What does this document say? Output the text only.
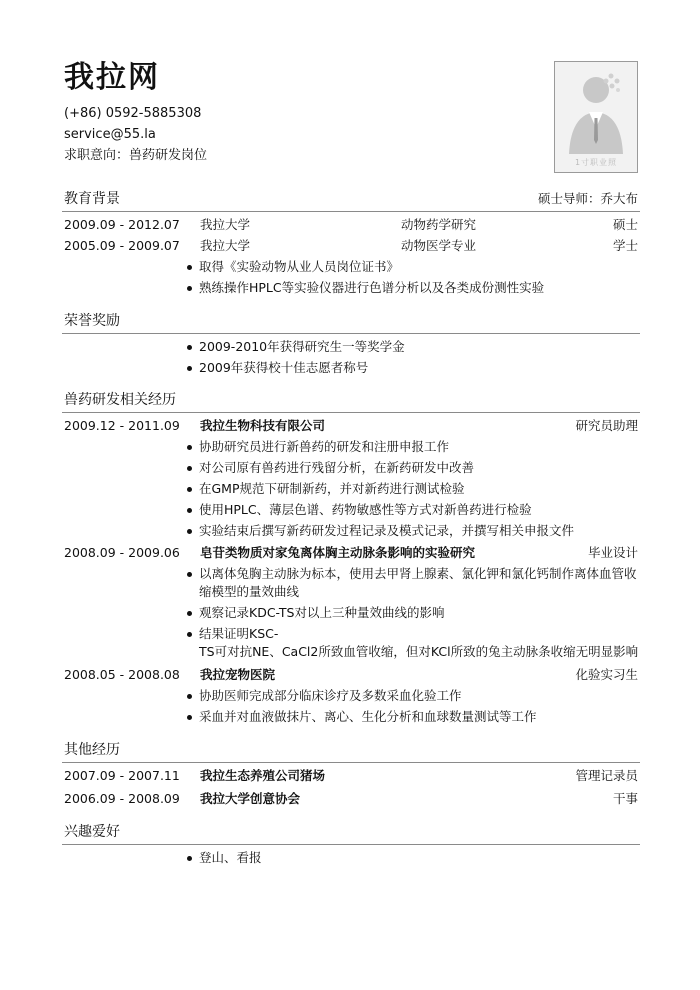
我拉网
(+86) 0592-5885308
service@55.la
求职意向：兽药研发岗位	1寸职业照
教育背景	硕士导师：乔大布
2009.09 - 2012.07 我拉大学	动物药学研究	硕士
2005.09 - 2009.07 我拉大学	动物医学专业	学士
取得《实验动物从业人员岗位证书》
熟练操作HPLC等实验仪器进行色谱分析以及各类成份测性实验
荣誉奖励
2009-2010年获得研究生一等奖学金
2009年获得校十佳志愿者称号
兽药研发相关经历
2009.12 - 2011.09 我拉生物科技有限公司	研究员助理
协助研究员进行新兽药的研发和注册申报工作
对公司原有兽药进行残留分析，在新药研发中改善
在GMP规范下研制新药，并对新药进行测试检验
使用HPLC、薄层色谱、药物敏感性等方式对新兽药进行检验
实验结束后撰写新药研发过程记录及模式记录，并撰写相关申报文件
2008.09 - 2009.06 皂苷类物质对家兔离体胸主动脉条影响的实验研究	毕业设计
以离体兔胸主动脉为标本，使用去甲肾上腺素、氯化钾和氯化钙制作离体血管收
缩模型的量效曲线
观察记录KDC-TS对以上三种量效曲线的影响
结果证明KSC-
TS可对抗NE、CaCl2所致血管收缩，但对KCl所致的兔主动脉条收缩无明显影响
2008.05 - 2008.08 我拉宠物医院	化验实习生
协助医师完成部分临床诊疗及多数采血化验工作
采血并对血液做抹片、离心、生化分析和血球数量测试等工作
其他经历
2007.09 - 2007.11 我拉生态养殖公司猪场	管理记录员
2006.09 - 2008.09 我拉大学创意协会	干事
兴趣爱好
登山、看报
